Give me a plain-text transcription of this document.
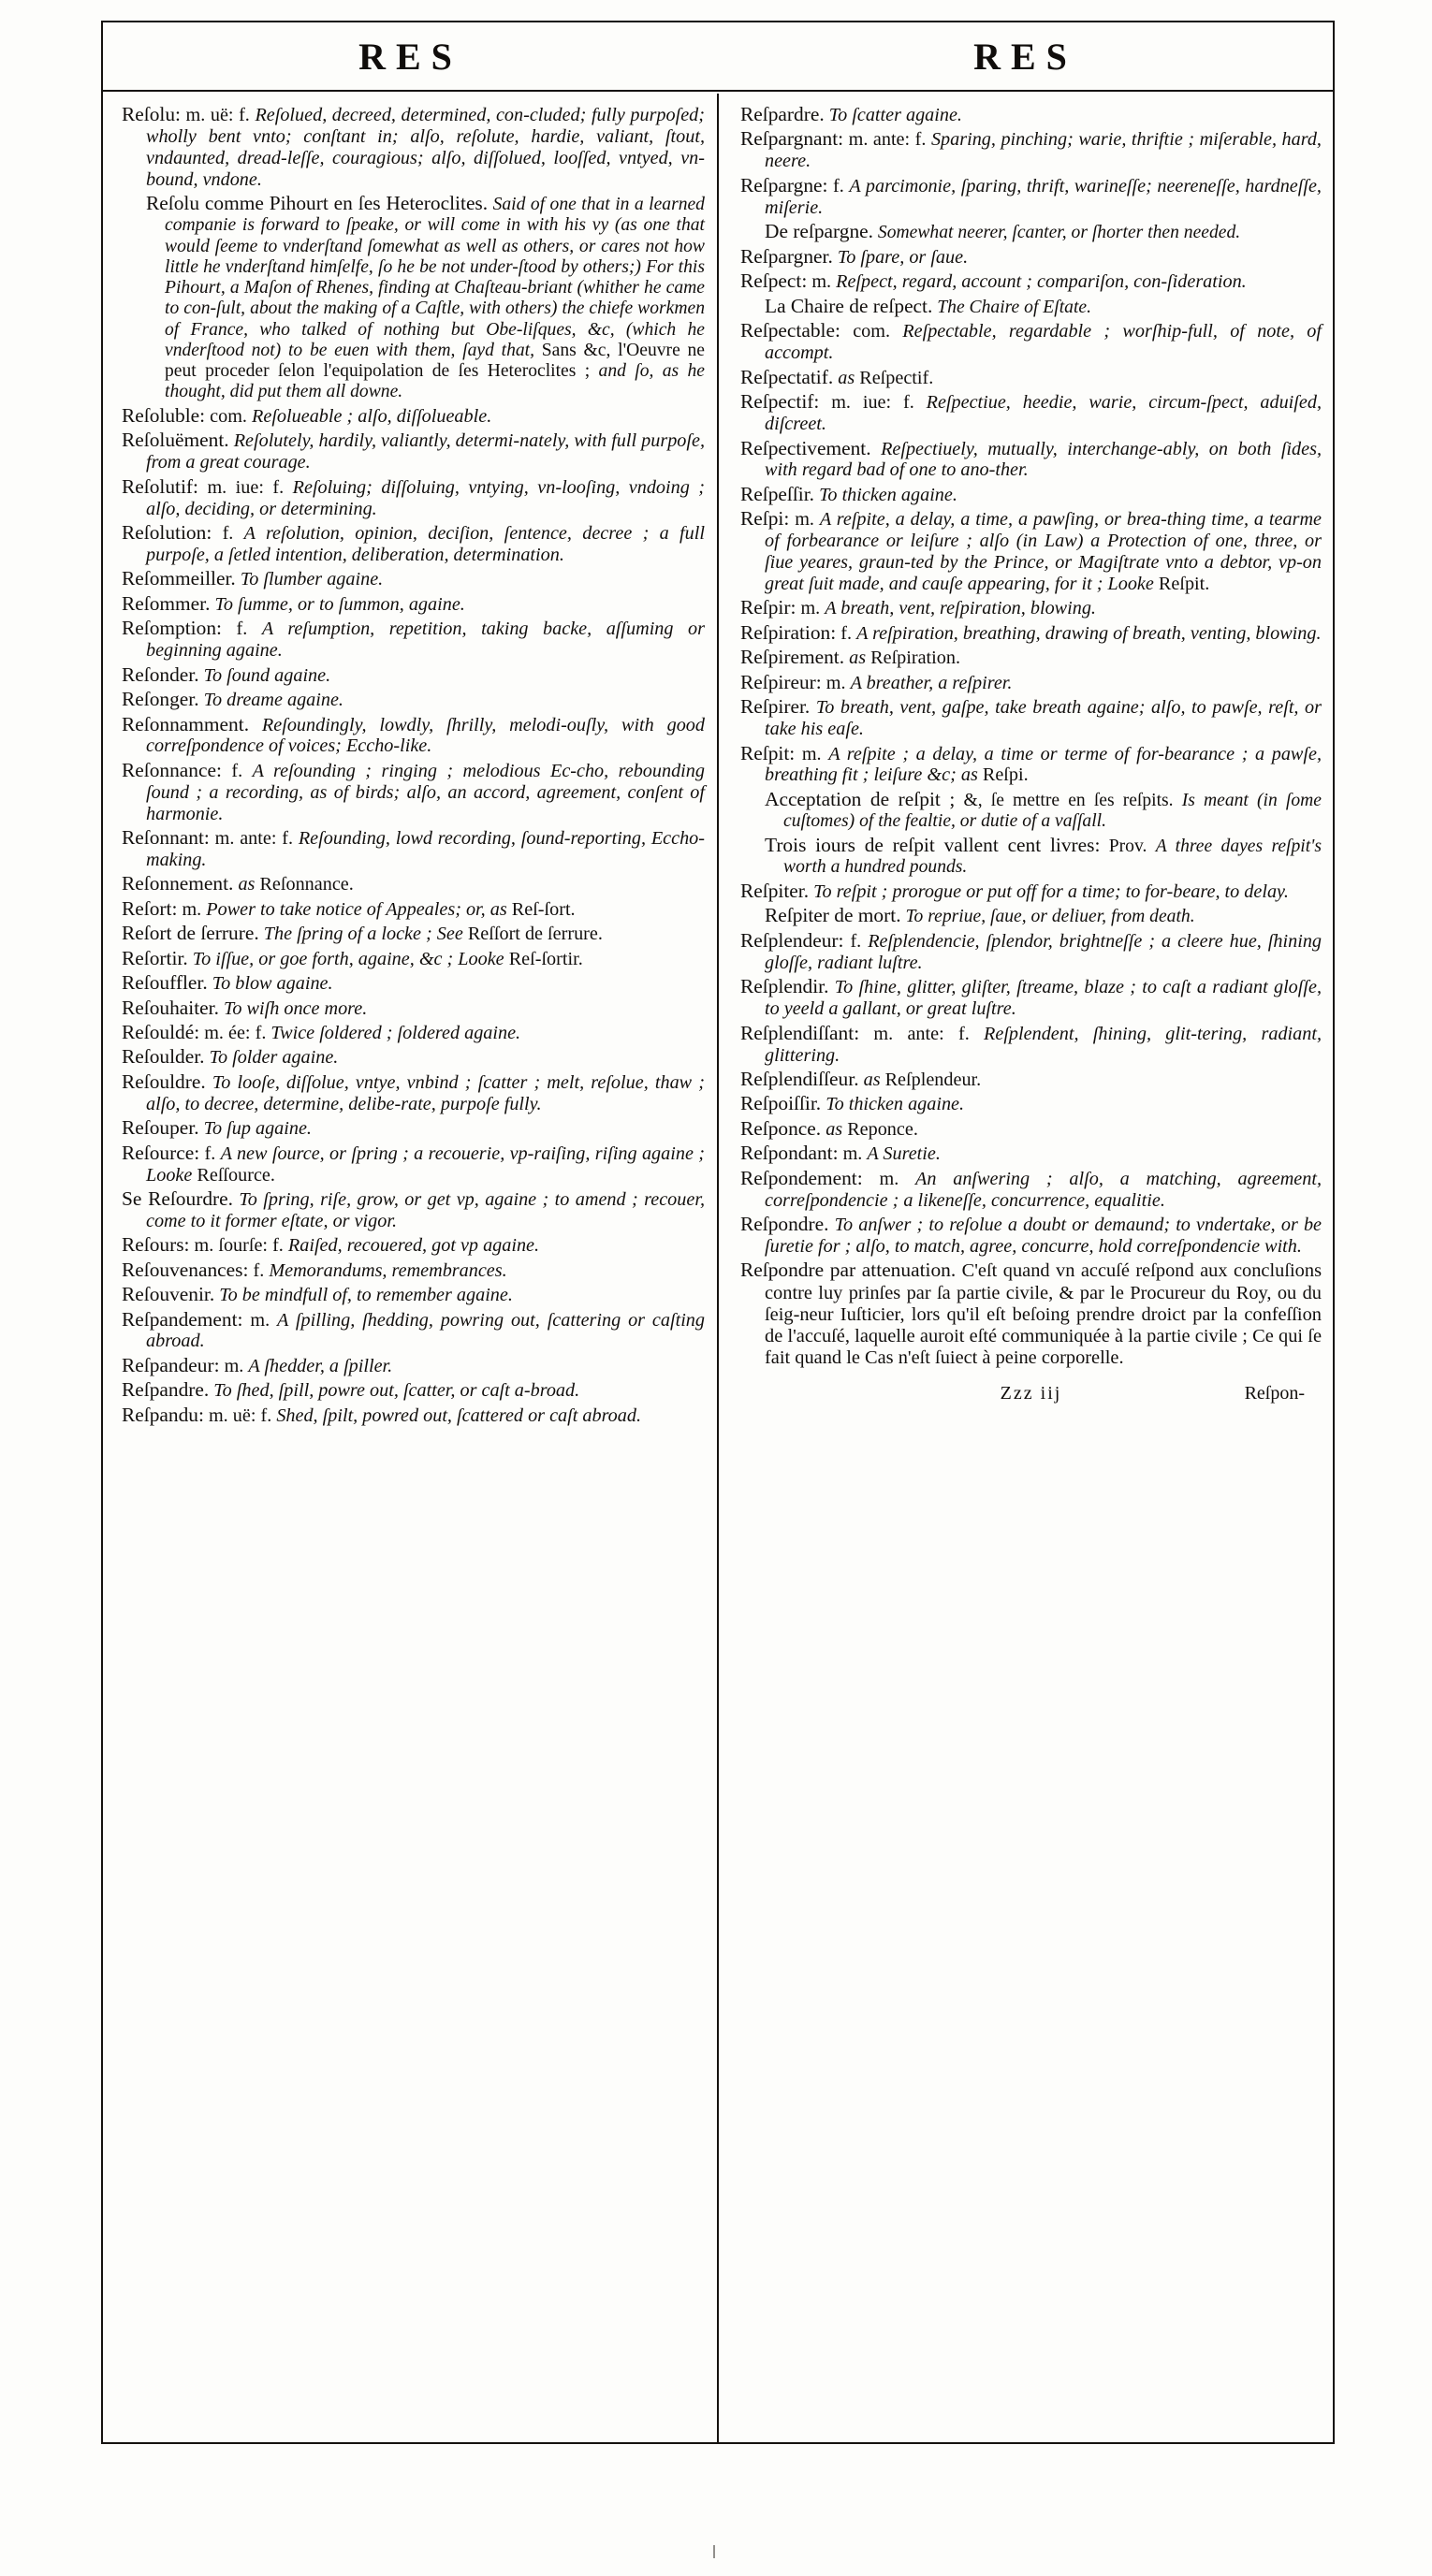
RES	RES

Reſolu: m. uë: f. Reſolued, decreed, determined, con-cluded; fully purpoſed; wholly bent vnto; conſtant in; alſo, reſolute, hardie, valiant, ſtout, vndaunted, dread-leſſe, couragious; alſo, diſſolued, looſſed, vntyed, vn-bound, vndone.

Reſolu comme Pihourt en ſes Heteroclites. Said of one that in a learned companie is forward to ſpeake, or will come in with his vy (as one that would ſeeme to vnderſtand ſomewhat as well as others, or cares not how little he vnderſtand himſelfe, ſo he be not under-ſtood by others;) For this Pihourt, a Maſon of Rhenes, finding at Chaſteau-briant (whither he came to con-ſult, about the making of a Caſtle, with others) the chiefe workmen of France, who talked of nothing but Obe-liſques, &c, (which he vnderſtood not) to be euen with them, ſayd that, Sans &c, l'Oeuvre ne peut proceder ſelon l'equipolation de ſes Heteroclites ; and ſo, as he thought, did put them all downe.

Reſoluble: com. Reſolueable ; alſo, diſſolueable.

Reſoluëment. Reſolutely, hardily, valiantly, determi-nately, with full purpoſe, from a great courage.

Reſolutif: m. iue: f. Reſoluing; diſſoluing, vntying, vn-looſing, vndoing ; alſo, deciding, or determining.

Reſolution: f. A reſolution, opinion, deciſion, ſentence, decree ; a full purpoſe, a ſetled intention, deliberation, determination.

Reſommeiller. To ſlumber againe.

Reſommer. To ſumme, or to ſummon, againe.

Reſomption: f. A reſumption, repetition, taking backe, aſſuming or beginning againe.

Reſonder. To ſound againe.

Reſonger. To dreame againe.

Reſonnamment. Reſoundingly, lowdly, ſhrilly, melodi-ouſly, with good correſpondence of voices; Eccho-like.

Reſonnance: f. A reſounding ; ringing ; melodious Ec-cho, rebounding ſound ; a recording, as of birds; alſo, an accord, agreement, conſent of harmonie.

Reſonnant: m. ante: f. Reſounding, lowd recording, ſound-reporting, Eccho-making.

Reſonnement. as Reſonnance.

Reſort: m. Power to take notice of Appeales; or, as Reſ-ſort.

Reſort de ſerrure. The ſpring of a locke ; See Reſſort de ſerrure.

Reſortir. To iſſue, or goe forth, againe, &c ; Looke Reſ-ſortir.

Reſouffler. To blow againe.

Reſouhaiter. To wiſh once more.

Reſouldé: m. ée: f. Twice ſoldered ; ſoldered againe.

Reſoulder. To ſolder againe.

Reſouldre. To looſe, diſſolue, vntye, vnbind ; ſcatter ; melt, reſolue, thaw ; alſo, to decree, determine, delibe-rate, purpoſe fully.

Reſouper. To ſup againe.

Reſource: f. A new ſource, or ſpring ; a recouerie, vp-raiſing, riſing againe ; Looke Reſſource.

Se Reſourdre. To ſpring, riſe, grow, or get vp, againe ; to amend ; recouer, come to it former eſtate, or vigor.

Reſours: m. ſourſe: f. Raiſed, recouered, got vp againe.

Reſouvenances: f. Memorandums, remembrances.

Reſouvenir. To be mindfull of, to remember againe.

Reſpandement: m. A ſpilling, ſhedding, powring out, ſcattering or caſting abroad.

Reſpandeur: m. A ſhedder, a ſpiller.

Reſpandre. To ſhed, ſpill, powre out, ſcatter, or caſt a-broad.

Reſpandu: m. uë: f. Shed, ſpilt, powred out, ſcattered or caſt abroad.

Reſpardre. To ſcatter againe.

Reſpargnant: m. ante: f. Sparing, pinching; warie, thriftie ; miſerable, hard, neere.

Reſpargne: f. A parcimonie, ſparing, thrift, warineſſe; neereneſſe, hardneſſe, miſerie.

De reſpargne. Somewhat neerer, ſcanter, or ſhorter then needed.

Reſpargner. To ſpare, or ſaue.

Reſpect: m. Reſpect, regard, account ; compariſon, con-ſideration.

La Chaire de reſpect. The Chaire of Eſtate.

Reſpectable: com. Reſpectable, regardable ; worſhip-full, of note, of accompt.

Reſpectatif. as Reſpectif.

Reſpectif: m. iue: f. Reſpectiue, heedie, warie, circum-ſpect, aduiſed, diſcreet.

Reſpectivement. Reſpectiuely, mutually, interchange-ably, on both ſides, with regard bad of one to ano-ther.

Reſpeſſir. To thicken againe.

Reſpi: m. A reſpite, a delay, a time, a pawſing, or brea-thing time, a tearme of forbearance or leiſure ; alſo (in Law) a Protection of one, three, or ſiue yeares, graun-ted by the Prince, or Magiſtrate vnto a debtor, vp-on great ſuit made, and cauſe appearing, for it ; Looke Reſpit.

Reſpir: m. A breath, vent, reſpiration, blowing.

Reſpiration: f. A reſpiration, breathing, drawing of breath, venting, blowing.

Reſpirement. as Reſpiration.

Reſpireur: m. A breather, a reſpirer.

Reſpirer. To breath, vent, gaſpe, take breath againe; alſo, to pawſe, reſt, or take his eaſe.

Reſpit: m. A reſpite ; a delay, a time or terme of for-bearance ; a pawſe, breathing fit ; leiſure &c; as Reſpi.

Acceptation de reſpit ; &, ſe mettre en ſes reſpits. Is meant (in ſome cuſtomes) of the fealtie, or dutie of a vaſſall.

Trois iours de reſpit vallent cent livres: Prov. A three dayes reſpit's worth a hundred pounds.

Reſpiter. To reſpit ; prorogue or put off for a time; to for-beare, to delay.

Reſpiter de mort. To repriue, ſaue, or deliuer, from death.

Reſplendeur: f. Reſplendencie, ſplendor, brightneſſe ; a cleere hue, ſhining gloſſe, radiant luſtre.

Reſplendir. To ſhine, glitter, gliſter, ſtreame, blaze ; to caſt a radiant gloſſe, to yeeld a gallant, or great luſtre.

Reſplendiſſant: m. ante: f. Reſplendent, ſhining, glit-tering, radiant, glittering.

Reſplendiſſeur. as Reſplendeur.

Reſpoiſſir. To thicken againe.

Reſponce. as Reponce.

Reſpondant: m. A Suretie.

Reſpondement: m. An anſwering ; alſo, a matching, agreement, correſpondencie ; a likeneſſe, concurrence, equalitie.

Reſpondre. To anſwer ; to reſolue a doubt or demaund; to vndertake, or be ſuretie for ; alſo, to match, agree, concurre, hold correſpondencie with.

Reſpondre par attenuation. C'eſt quand vn accuſé reſpond aux concluſions contre luy prinſes par ſa partie civile, & par le Procureur du Roy, ou du ſeig-neur Iuſticier, lors qu'il eſt beſoing prendre droict par la confeſſion de l'accuſé, laquelle auroit eſté communiquée à la partie civile ; Ce qui ſe fait quand le Cas n'eſt ſuiect à peine corporelle.

Zzz iij	Reſpon-
